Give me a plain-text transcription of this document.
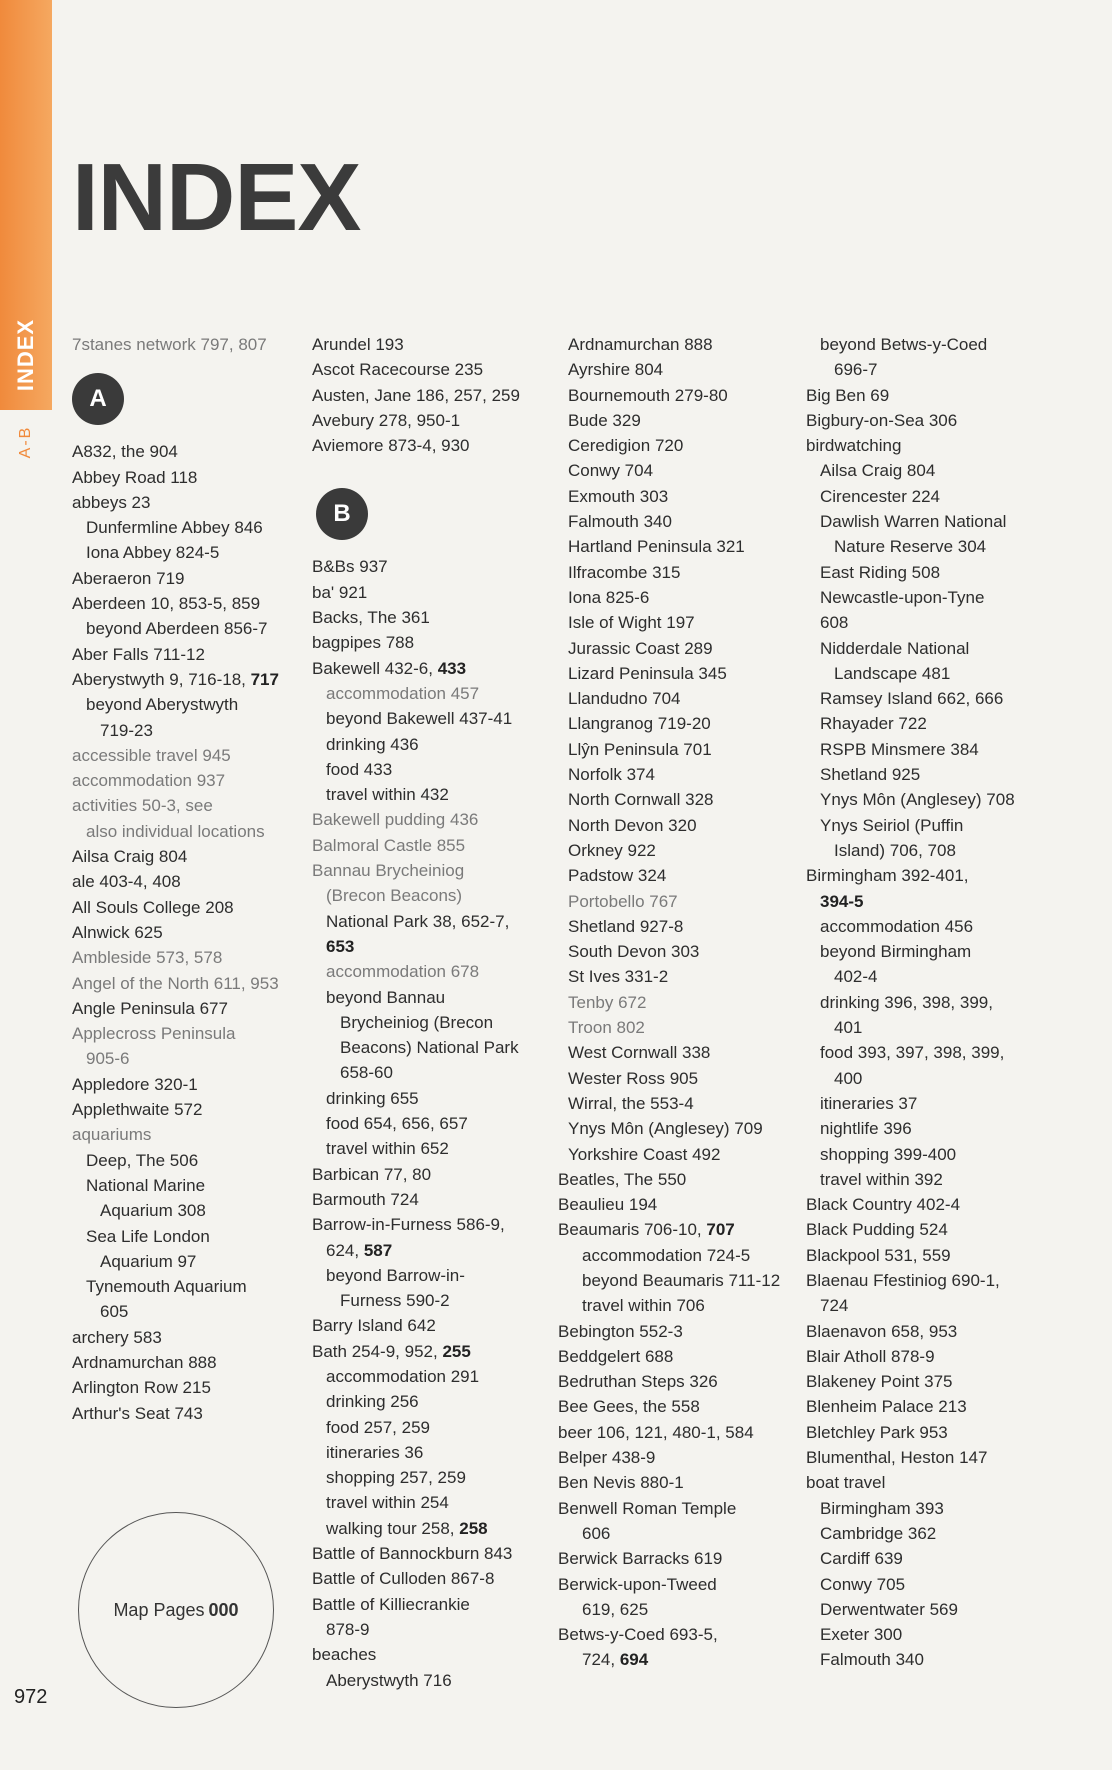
INDEX
A-B
INDEX
7stanes network 797, 807
A
A832, the 904
Abbey Road 118
abbeys 23
Dunfermline Abbey 846
Iona Abbey 824-5
Aberaeron 719
Aberdeen 10, 853-5, 859
beyond Aberdeen 856-7
Aber Falls 711-12
Aberystwyth 9, 716-18, 717
beyond Aberystwyth
719-23
accessible travel 945
accommodation 937
activities 50-3, see
also individual locations
Ailsa Craig 804
ale 403-4, 408
All Souls College 208
Alnwick 625
Ambleside 573, 578
Angel of the North 611, 953
Angle Peninsula 677
Applecross Peninsula
905-6
Appledore 320-1
Applethwaite 572
aquariums
Deep, The 506
National Marine
Aquarium 308
Sea Life London
Aquarium 97
Tynemouth Aquarium
605
archery 583
Ardnamurchan 888
Arlington Row 215
Arthur's Seat 743
Arundel 193
Ascot Racecourse 235
Austen, Jane 186, 257, 259
Avebury 278, 950-1
Aviemore 873-4, 930
B
B&Bs 937
ba' 921
Backs, The 361
bagpipes 788
Bakewell 432-6, 433
accommodation 457
beyond Bakewell 437-41
drinking 436
food 433
travel within 432
Bakewell pudding 436
Balmoral Castle 855
Bannau Brycheiniog
(Brecon Beacons)
National Park 38, 652-7,
653
accommodation 678
beyond Bannau
Brycheiniog (Brecon
Beacons) National Park
658-60
drinking 655
food 654, 656, 657
travel within 652
Barbican 77, 80
Barmouth 724
Barrow-in-Furness 586-9,
624, 587
beyond Barrow-in-
Furness 590-2
Barry Island 642
Bath 254-9, 952, 255
accommodation 291
drinking 256
food 257, 259
itineraries 36
shopping 257, 259
travel within 254
walking tour 258, 258
Battle of Bannockburn 843
Battle of Culloden 867-8
Battle of Killiecrankie
878-9
beaches
Aberystwyth 716
Ardnamurchan 888
Ayrshire 804
Bournemouth 279-80
Bude 329
Ceredigion 720
Conwy 704
Exmouth 303
Falmouth 340
Hartland Peninsula 321
Ilfracombe 315
Iona 825-6
Isle of Wight 197
Jurassic Coast 289
Lizard Peninsula 345
Llandudno 704
Llangranog 719-20
Llŷn Peninsula 701
Norfolk 374
North Cornwall 328
North Devon 320
Orkney 922
Padstow 324
Portobello 767
Shetland 927-8
South Devon 303
St Ives 331-2
Tenby 672
Troon 802
West Cornwall 338
Wester Ross 905
Wirral, the 553-4
Ynys Môn (Anglesey) 709
Yorkshire Coast 492
Beatles, The 550
Beaulieu 194
Beaumaris 706-10, 707
accommodation 724-5
beyond Beaumaris 711-12
travel within 706
Bebington 552-3
Beddgelert 688
Bedruthan Steps 326
Bee Gees, the 558
beer 106, 121, 480-1, 584
Belper 438-9
Ben Nevis 880-1
Benwell Roman Temple
606
Berwick Barracks 619
Berwick-upon-Tweed
619, 625
Betws-y-Coed 693-5,
724, 694
beyond Betws-y-Coed
696-7
Big Ben 69
Bigbury-on-Sea 306
birdwatching
Ailsa Craig 804
Cirencester 224
Dawlish Warren National
Nature Reserve 304
East Riding 508
Newcastle-upon-Tyne
608
Nidderdale National
Landscape 481
Ramsey Island 662, 666
Rhayader 722
RSPB Minsmere 384
Shetland 925
Ynys Môn (Anglesey) 708
Ynys Seiriol (Puffin
Island) 706, 708
Birmingham 392-401,
394-5
accommodation 456
beyond Birmingham
402-4
drinking 396, 398, 399,
401
food 393, 397, 398, 399,
400
itineraries 37
nightlife 396
shopping 399-400
travel within 392
Black Country 402-4
Black Pudding 524
Blackpool 531, 559
Blaenau Ffestiniog 690-1,
724
Blaenavon 658, 953
Blair Atholl 878-9
Blakeney Point 375
Blenheim Palace 213
Bletchley Park 953
Blumenthal, Heston 147
boat travel
Birmingham 393
Cambridge 362
Cardiff 639
Conwy 705
Derwentwater 569
Exeter 300
Falmouth 340
Map Pages 000
972
